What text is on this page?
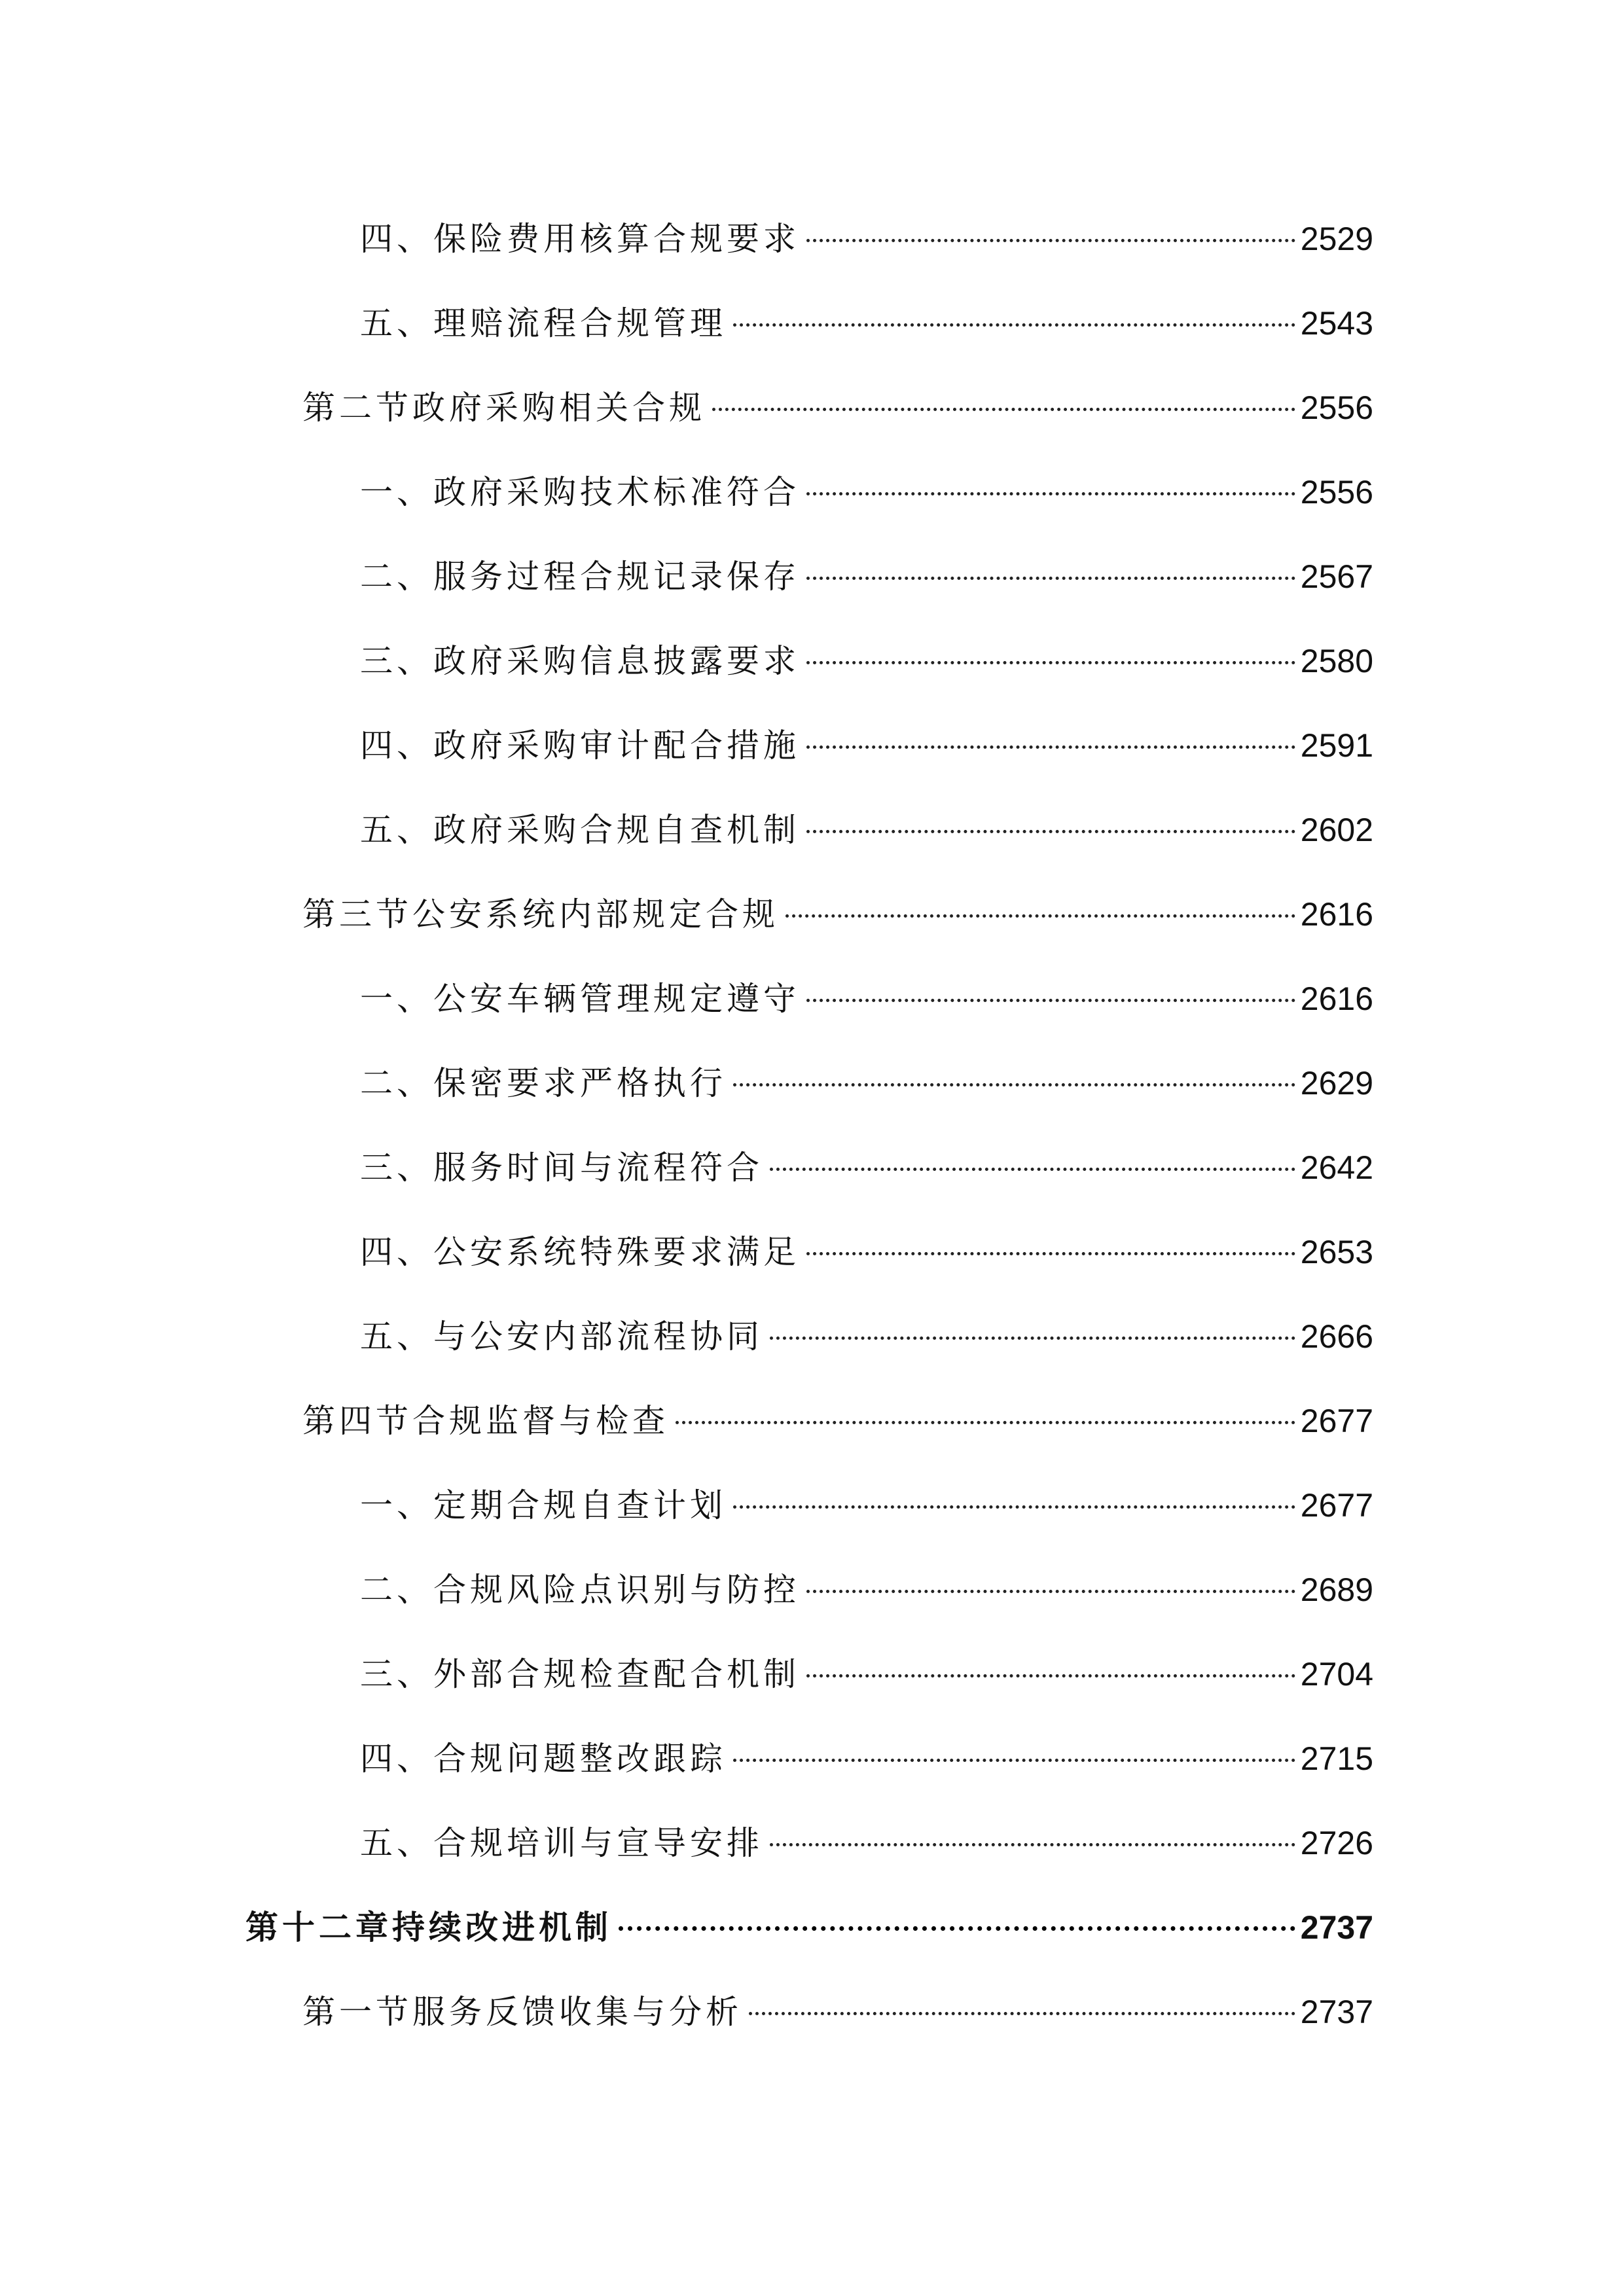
四、保险费用核算合规要求	2529
五、理赔流程合规管理	2543
第二节政府采购相关合规	2556
一、政府采购技术标准符合	2556
二、服务过程合规记录保存	2567
三、政府采购信息披露要求	2580
四、政府采购审计配合措施	2591
五、政府采购合规自查机制	2602
第三节公安系统内部规定合规	2616
一、公安车辆管理规定遵守	2616
二、保密要求严格执行	2629
三、服务时间与流程符合	2642
四、公安系统特殊要求满足	2653
五、与公安内部流程协同	2666
第四节合规监督与检查	2677
一、定期合规自查计划	2677
二、合规风险点识别与防控	2689
三、外部合规检查配合机制	2704
四、合规问题整改跟踪	2715
五、合规培训与宣导安排	2726
第十二章持续改进机制	2737
第一节服务反馈收集与分析	2737
